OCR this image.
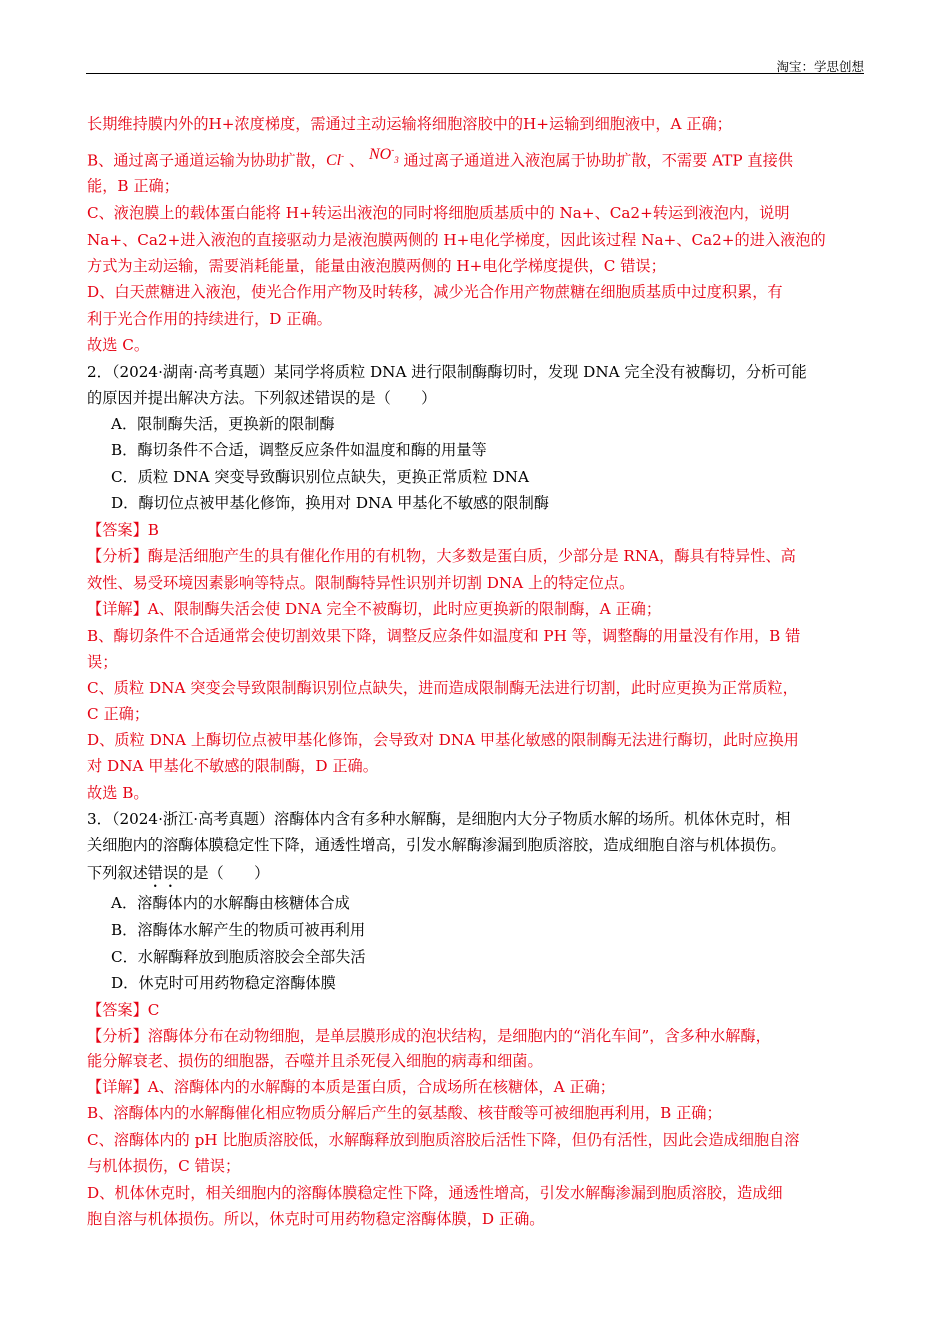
淘宝：学思创想
长期维持膜内外的H+浓度梯度，需通过主动运输将细胞溶胶中的H+运输到细胞液中，A 正确；
B、通过离子通道运输为协助扩散，Cl- 、 $NO^-_3$ 通过离子通道进入液泡属于协助扩散，不需要 ATP 直接供
能，B 正确；
C、液泡膜上的载体蛋白能将 H+转运出液泡的同时将细胞质基质中的 Na+、Ca2+转运到液泡内，说明
Na+、Ca2+进入液泡的直接驱动力是液泡膜两侧的 H+电化学梯度，因此该过程 Na+、Ca2+的进入液泡的
方式为主动运输，需要消耗能量，能量由液泡膜两侧的 H+电化学梯度提供，C 错误；
D、白天蔗糖进入液泡，使光合作用产物及时转移，减少光合作用产物蔗糖在细胞质基质中过度积累，有
利于光合作用的持续进行，D 正确。
故选 C。
2．（2024·湖南·高考真题）某同学将质粒 DNA 进行限制酶酶切时，发现 DNA 完全没有被酶切，分析可能
的原因并提出解决方法。下列叙述错误的是（　　）
A．限制酶失活，更换新的限制酶
B．酶切条件不合适，调整反应条件如温度和酶的用量等
C．质粒 DNA 突变导致酶识别位点缺失，更换正常质粒 DNA
D．酶切位点被甲基化修饰，换用对 DNA 甲基化不敏感的限制酶
【答案】B
【分析】酶是活细胞产生的具有催化作用的有机物，大多数是蛋白质，少部分是 RNA，酶具有特异性、高
效性、易受环境因素影响等特点。限制酶特异性识别并切割 DNA 上的特定位点。
【详解】A、限制酶失活会使 DNA 完全不被酶切，此时应更换新的限制酶，A 正确；
B、酶切条件不合适通常会使切割效果下降，调整反应条件如温度和 PH 等，调整酶的用量没有作用，B 错
误；
C、质粒 DNA 突变会导致限制酶识别位点缺失，进而造成限制酶无法进行切割，此时应更换为正常质粒，
C 正确；
D、质粒 DNA 上酶切位点被甲基化修饰，会导致对 DNA 甲基化敏感的限制酶无法进行酶切，此时应换用
对 DNA 甲基化不敏感的限制酶，D 正确。
故选 B。
3．（2024·浙江·高考真题）溶酶体内含有多种水解酶，是细胞内大分子物质水解的场所。机体休克时，相
关细胞内的溶酶体膜稳定性下降，通透性增高，引发水解酶渗漏到胞质溶胶，造成细胞自溶与机体损伤。
下列叙述错误的是（　　）
A．溶酶体内的水解酶由核糖体合成
B．溶酶体水解产生的物质可被再利用
C．水解酶释放到胞质溶胶会全部失活
D．休克时可用药物稳定溶酶体膜
【答案】C
【分析】溶酶体分布在动物细胞，是单层膜形成的泡状结构，是细胞内的“消化车间”，含多种水解酶，
能分解衰老、损伤的细胞器，吞噬并且杀死侵入细胞的病毒和细菌。
【详解】A、溶酶体内的水解酶的本质是蛋白质，合成场所在核糖体，A 正确；
B、溶酶体内的水解酶催化相应物质分解后产生的氨基酸、核苷酸等可被细胞再利用，B 正确；
C、溶酶体内的 pH 比胞质溶胶低，水解酶释放到胞质溶胶后活性下降，但仍有活性，因此会造成细胞自溶
与机体损伤，C 错误；
D、机体休克时，相关细胞内的溶酶体膜稳定性下降，通透性增高，引发水解酶渗漏到胞质溶胶，造成细
胞自溶与机体损伤。所以，休克时可用药物稳定溶酶体膜，D 正确。
